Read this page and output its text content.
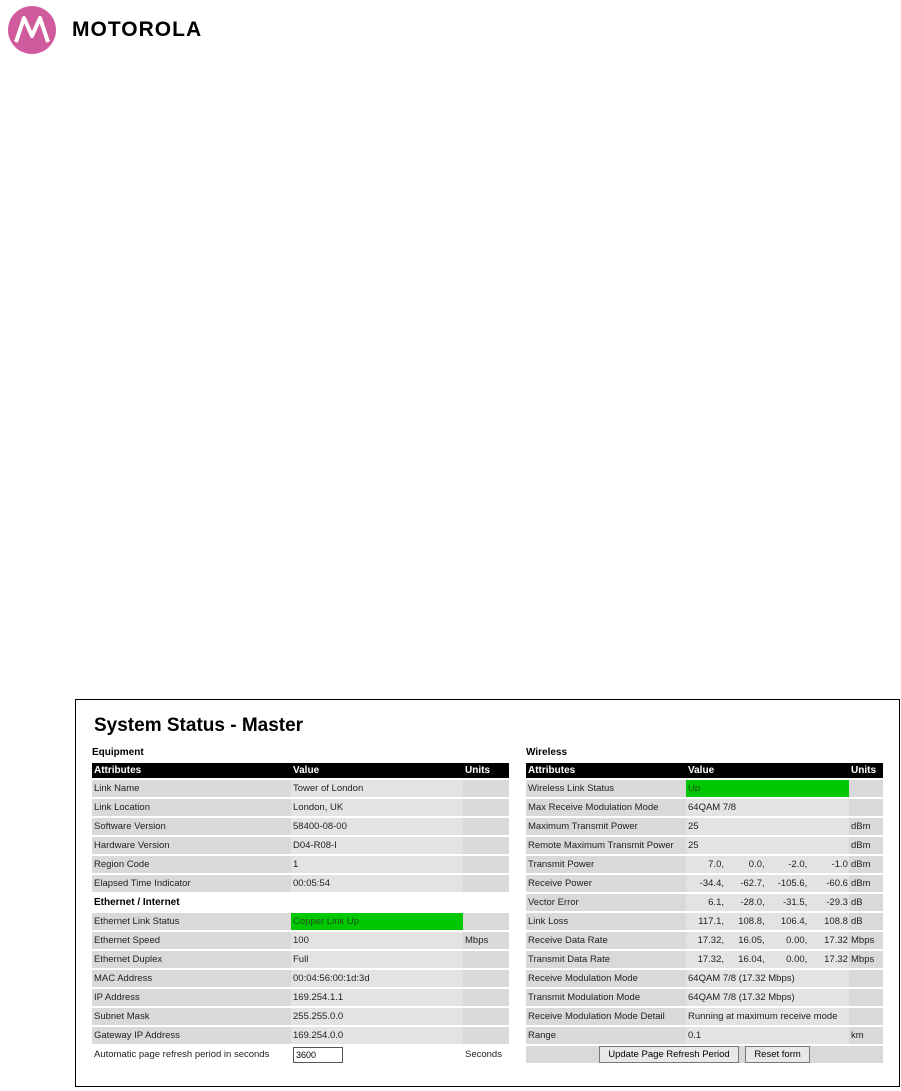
MOTOROLA
System Status - Master
Equipment
Attributes	Value	Units
Link Name	Tower of London	
Link Location	London, UK	
Software Version	58400-08-00	
Hardware Version	D04-R08-I	
Region Code	1	
Elapsed Time Indicator	00:05:54	
Ethernet / Internet		
Ethernet Link Status	Copper Link Up	
Ethernet Speed	100	Mbps
Ethernet Duplex	Full	
MAC Address	00:04:56:00:1d:3d	
IP Address	169.254.1.1	
Subnet Mask	255.255.0.0	
Gateway IP Address	169.254.0.0	
Automatic page refresh period in seconds	3600	Seconds
Wireless
Attributes	Value	Units
Wireless Link Status	Up	
Max Receive Modulation Mode	64QAM 7/8	
Maximum Transmit Power	25	dBm
Remote Maximum Transmit Power	25	dBm
Transmit Power	7.0, 0.0, -2.0, -1.0	dBm
Receive Power	-34.4, -62.7, -105.6, -60.6	dBm
Vector Error	6.1, -28.0, -31.5, -29.3	dB
Link Loss	117.1, 108.8, 106.4, 108.8	dB
Receive Data Rate	17.32, 16.05, 0.00, 17.32	Mbps
Transmit Data Rate	17.32, 16.04, 0.00, 17.32	Mbps
Receive Modulation Mode	64QAM 7/8 (17.32 Mbps)	
Transmit Modulation Mode	64QAM 7/8 (17.32 Mbps)	
Receive Modulation Mode Detail	Running at maximum receive mode	
Range	0.1	km
Update Page Refresh Period Reset form		
